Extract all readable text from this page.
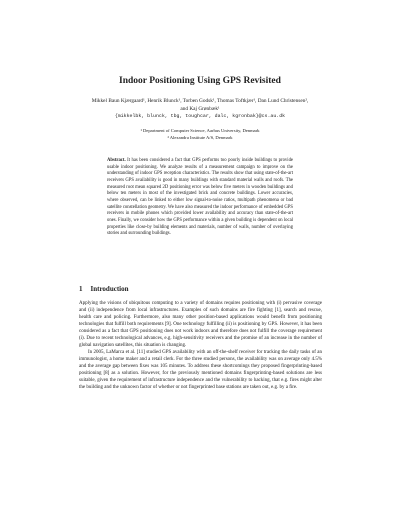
Indoor Positioning Using GPS Revisited
Mikkel Baun Kjærgaard¹, Henrik Blunck¹, Torben Godsk¹, Thomas Toftkjær¹, Dan Lund Christensen², and Kaj Grønbæk¹
{mikkelbk, blunck, tbg, toughcar, dalc, kgronbak}@cs.au.dk
¹ Department of Computer Science, Aarhus University, Denmark
² Alexandra Institute A/S, Denmark
Abstract. It has been considered a fact that GPS performs too poorly inside buildings to provide usable indoor positioning. We analyze results of a measurement campaign to improve on the understanding of indoor GPS reception characteristics. The results show that using state-of-the-art receivers GPS availability is good in many buildings with standard material walls and roofs. The measured root mean squared 2D positioning error was below five meters in wooden buildings and below ten meters in most of the investigated brick and concrete buildings. Lower accuracies, where observed, can be linked to either low signal-to-noise ratios, multipath phenomena or bad satellite constellation geometry. We have also measured the indoor performance of embedded GPS receivers in mobile phones which provided lower availability and accuracy than state-of-the-art ones. Finally, we consider how the GPS performance within a given building is dependent on local properties like close-by building elements and materials, number of walls, number of overlaying stories and surrounding buildings.
1 Introduction

Applying the visions of ubiquitous computing to a variety of domains requires positioning with (i) pervasive coverage and (ii) independence from local infrastructures. Examples of such domains are fire fighting [1], search and rescue, health care and policing. Furthermore, also many other position-based applications would benefit from positioning technologies that fulfill both requirements [9]. One technology fulfilling (ii) is positioning by GPS. However, it has been considered as a fact that GPS positioning does not work indoors and therefore does not fulfill the coverage requirement (i). Due to recent technological advances, e.g. high-sensitivity receivers and the promise of an increase in the number of global navigation satellites, this situation is changing.

In 2005, LaMarca et al. [11] studied GPS availability with an off-the-shelf receiver for tracking the daily tasks of an immunologist, a home maker and a retail clerk. For the three studied persons, the availability was on average only 4.5% and the average gap between fixes was 105 minutes. To address these shortcomings they proposed fingerprinting-based positioning [8] as a solution. However, for the previously mentioned domains fingerprinting-based solutions are less suitable, given the requirement of infrastructure independence and the vulnerability to hacking, that e.g. fires might alter the building and the unknown factor of whether or not fingerprinted base stations are taken out, e.g. by a fire.
